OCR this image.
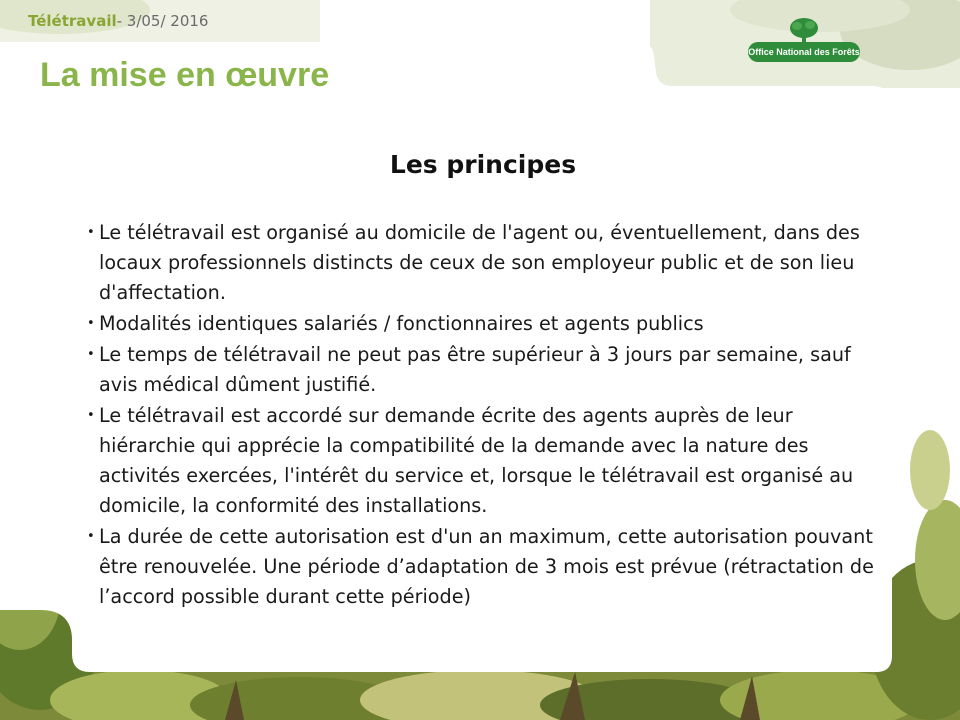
Télétravail- 3/05/ 2016
La mise en œuvre
Office National des Forêts
Les principes
• Le télétravail est organisé au domicile de l'agent ou, éventuellement, dans des locaux professionnels distincts de ceux de son employeur public et de son lieu d'affectation.
• Modalités identiques salariés / fonctionnaires et agents publics
• Le temps de télétravail ne peut pas être supérieur à 3 jours par semaine, sauf avis médical dûment justifié.
• Le télétravail est accordé sur demande écrite des agents auprès de leur hiérarchie qui apprécie la compatibilité de la demande avec la nature des activités exercées, l'intérêt du service et, lorsque le télétravail est organisé au domicile, la conformité des installations.
• La durée de cette autorisation est d'un an maximum, cette autorisation pouvant être renouvelée. Une période d’adaptation de 3 mois est prévue (rétractation de l’accord possible durant cette période)
